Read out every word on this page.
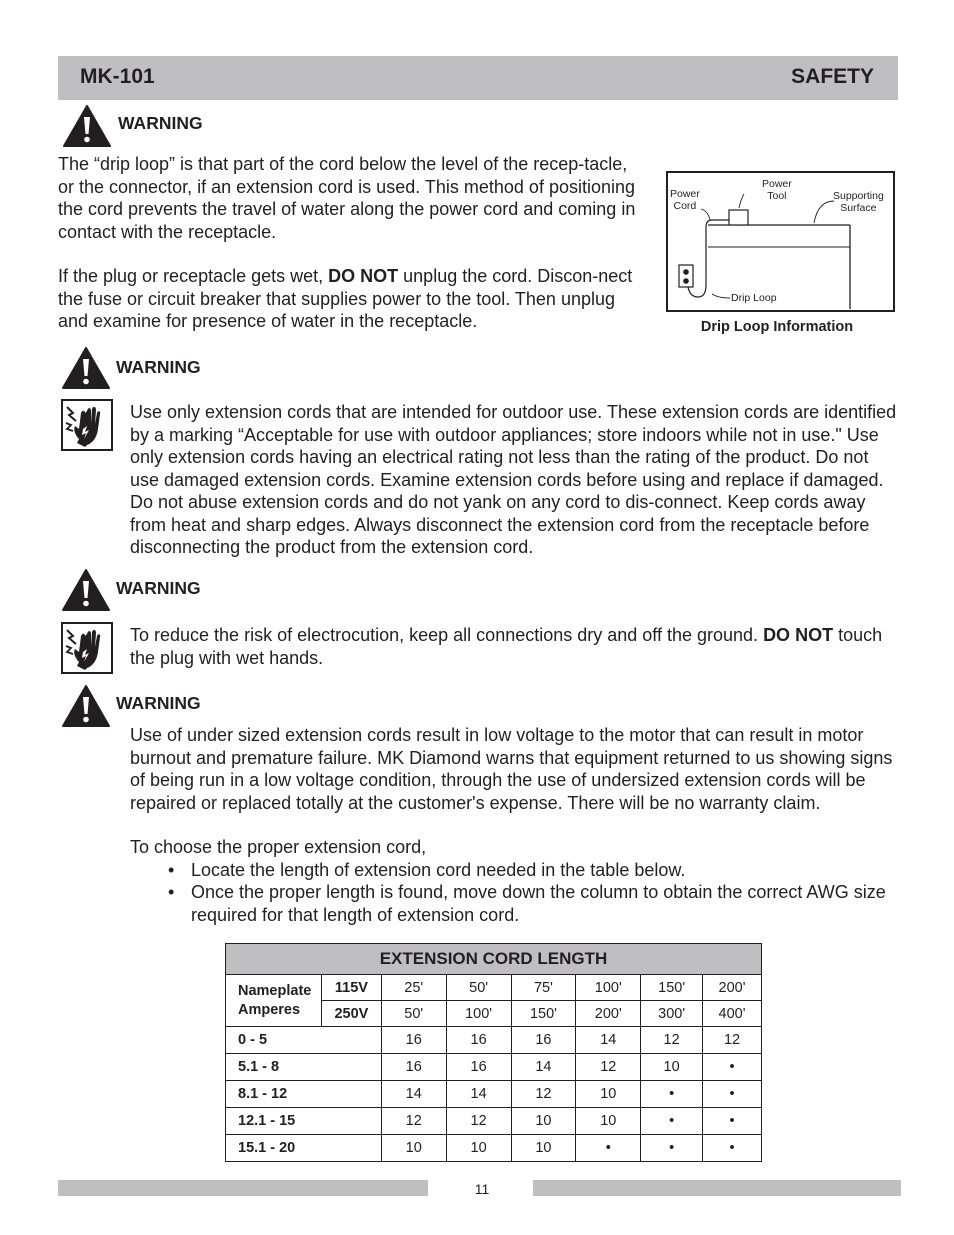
MK-101	SAFETY
WARNING

The “drip loop” is that part of the cord below the level of the recep-tacle, or the connector, if an extension cord is used. This method of positioning the cord prevents the travel of water along the power cord and coming in contact with the receptacle.

If the plug or receptacle gets wet, DO NOT unplug the cord. Discon-nect the fuse or circuit breaker that supplies power to the tool. Then unplug and examine for presence of water in the receptacle.

Power
Cord
Power
Tool	Supporting
Surface
Drip Loop
Drip Loop Information
WARNING

Use only extension cords that are intended for outdoor use. These extension cords are identified by a marking “Acceptable for use with outdoor appliances; store indoors while not in use." Use only extension cords having an electrical rating not less than the rating of the product. Do not use damaged extension cords. Examine extension cords before using and replace if damaged. Do not abuse extension cords and do not yank on any cord to dis-connect. Keep cords away from heat and sharp edges. Always disconnect the extension cord from the receptacle before disconnecting the product from the extension cord.

WARNING

To reduce the risk of electrocution, keep all connections dry and off the ground. DO NOT touch the plug with wet hands.

WARNING

Use of under sized extension cords result in low voltage to the motor that can result in motor burnout and premature failure. MK Diamond warns that equipment returned to us showing signs of being run in a low voltage condition, through the use of undersized extension cords will be repaired or replaced totally at the customer's expense. There will be no warranty claim.

To choose the proper extension cord,

• Locate the length of extension cord needed in the table below.
• Once the proper length is found, move down the column to obtain the correct AWG size required for that length of extension cord.
EXTENSION CORD LENGTH							

Nameplate
Amperes	115V	25'	50'	75'	100'	150'	200'
	250V	50'	100'	150'	200'	300'	400'
0 - 5		16	16	16	14	12	12
5.1 - 8		16	16	14	12	10	•
8.1 - 12		14	14	12	10	•	•
12.1 - 15		12	12	10	10	•	•
15.1 - 20		10	10	10	•	•	•
11
